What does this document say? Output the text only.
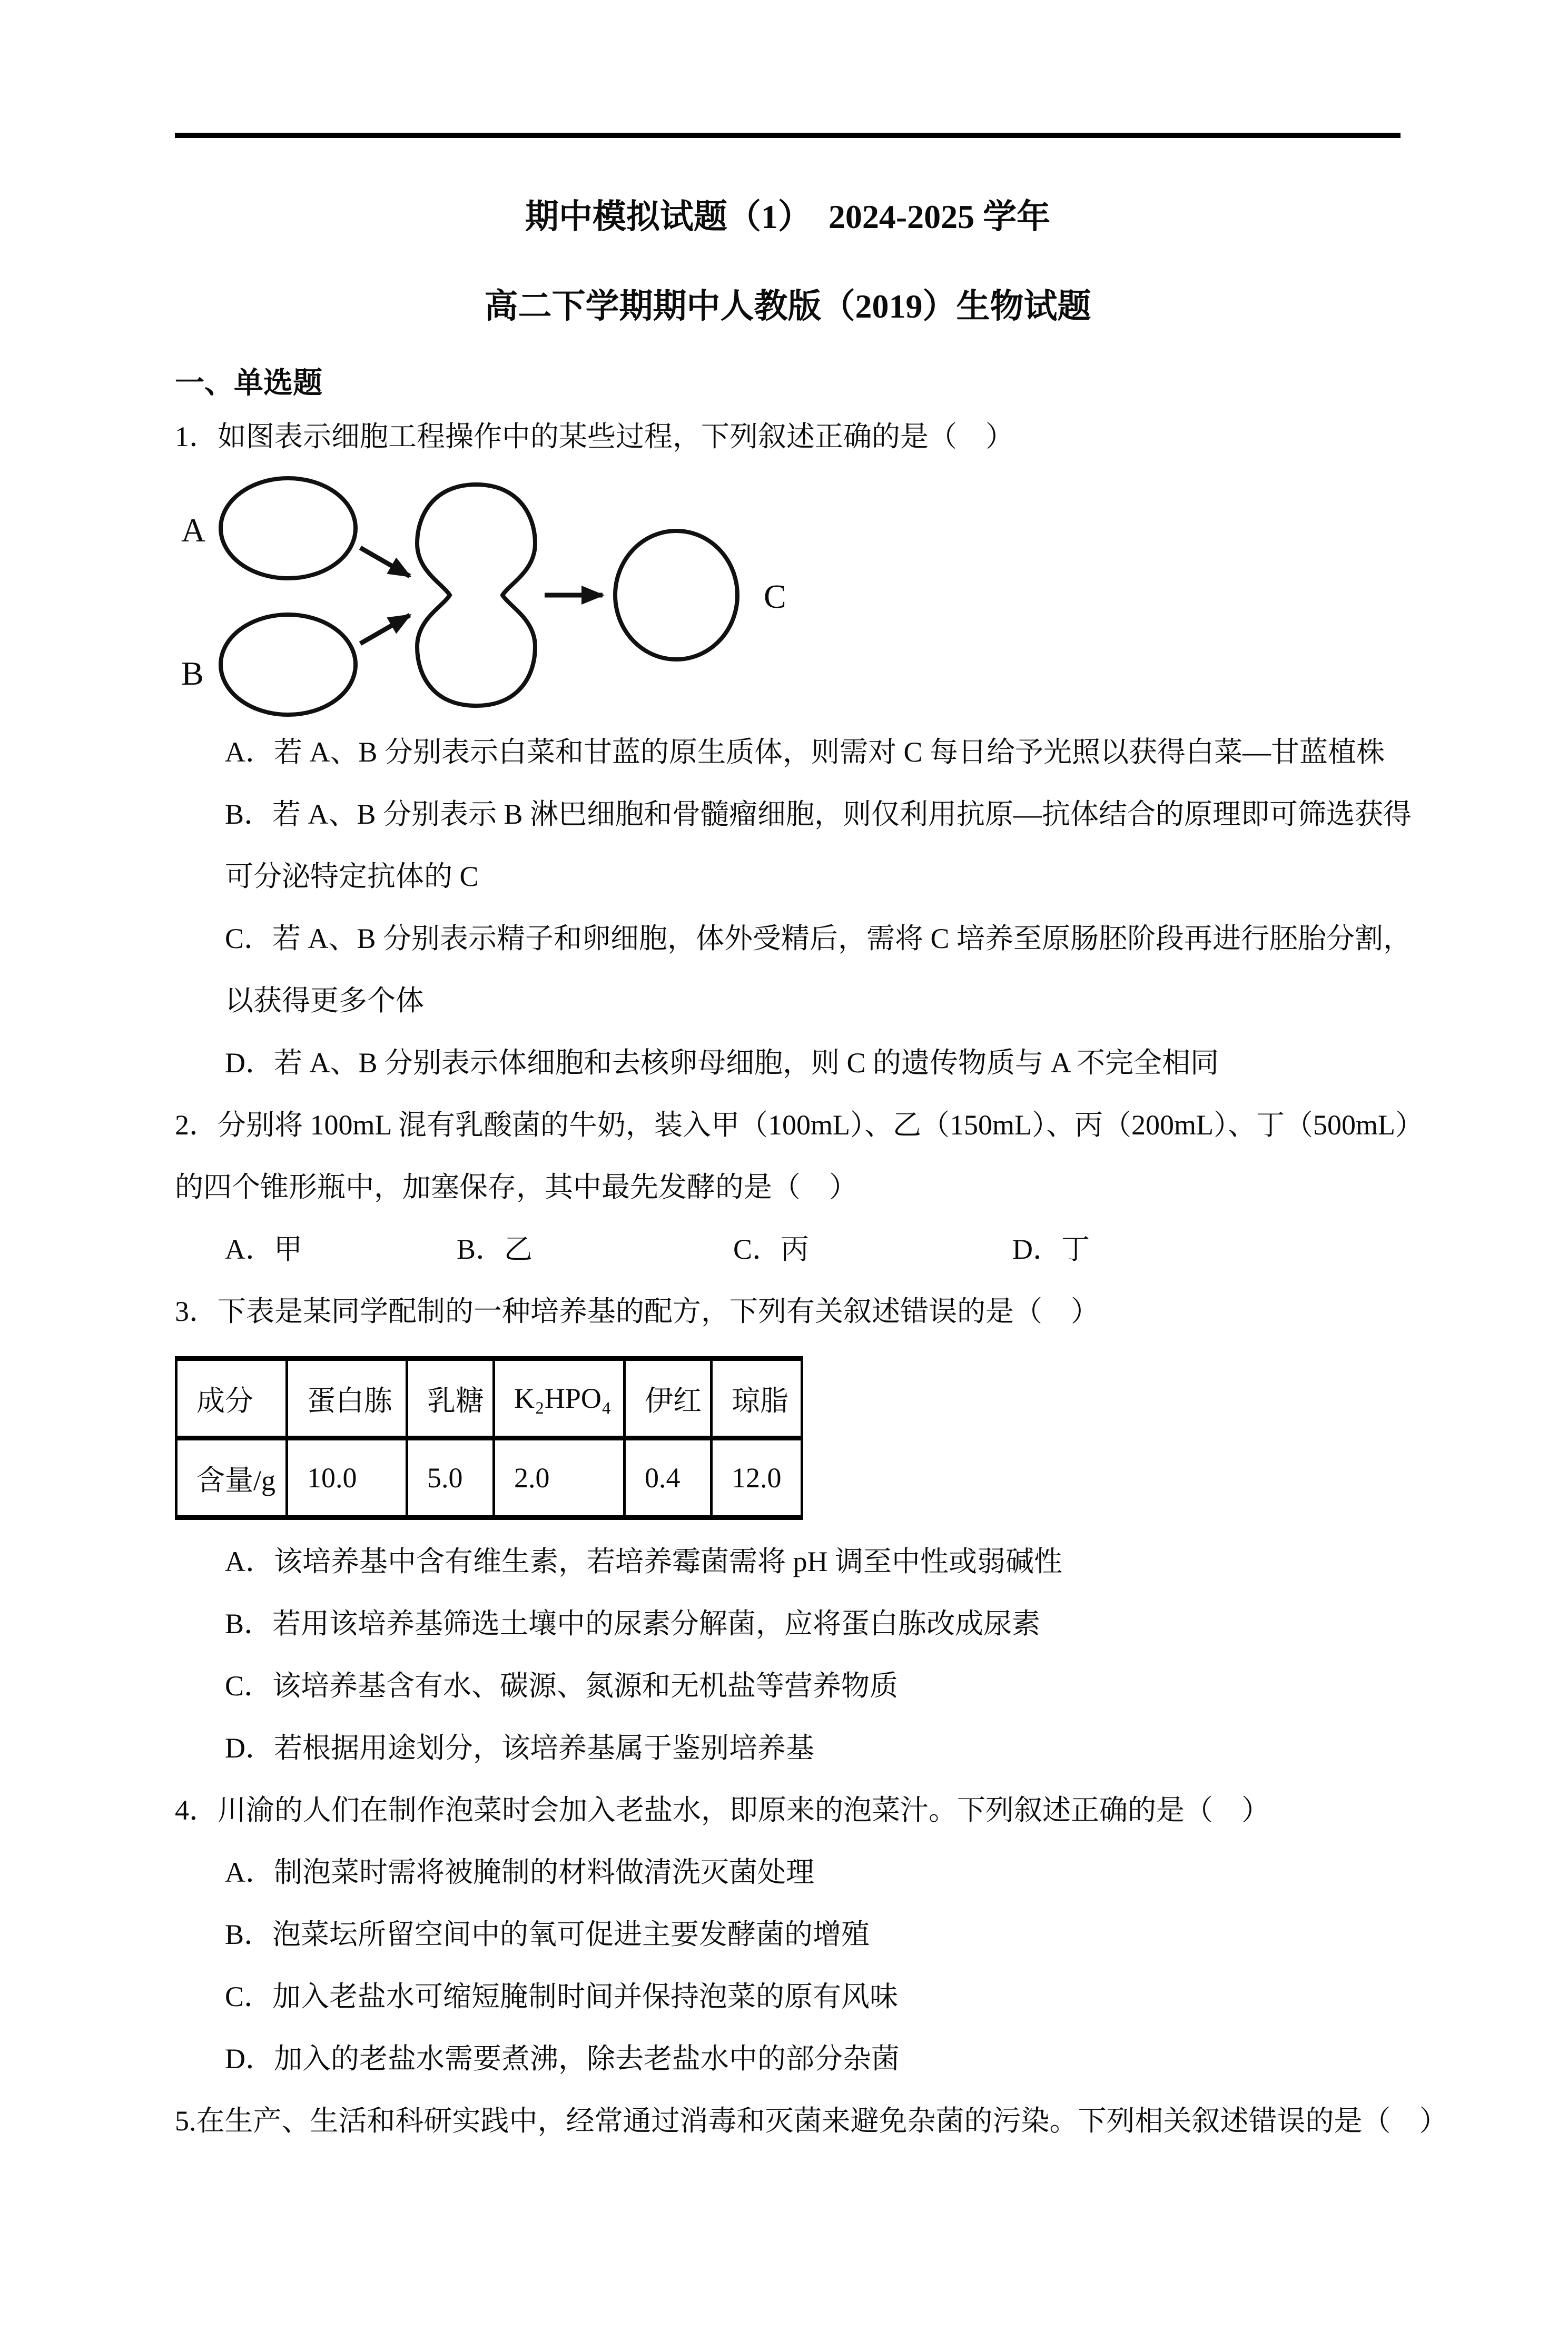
期中模拟试题（1）　2024-2025 学年
高二下学期期中人教版（2019）生物试题
一、单选题
1．如图表示细胞工程操作中的某些过程，下列叙述正确的是（　）
A
B
C
A．若 A、B 分别表示白菜和甘蓝的原生质体，则需对 C 每日给予光照以获得白菜—甘蓝植株
B．若 A、B 分别表示 B 淋巴细胞和骨髓瘤细胞，则仅利用抗原—抗体结合的原理即可筛选获得
可分泌特定抗体的 C
C．若 A、B 分别表示精子和卵细胞，体外受精后，需将 C 培养至原肠胚阶段再进行胚胎分割，
以获得更多个体
D．若 A、B 分别表示体细胞和去核卵母细胞，则 C 的遗传物质与 A 不完全相同
2．分别将 100mL 混有乳酸菌的牛奶，装入甲（100mL）、乙（150mL）、丙（200mL）、丁（500mL）
的四个锥形瓶中，加塞保存，其中最先发酵的是（　）
A．甲	B．乙	C．丙	D．丁
3．下表是某同学配制的一种培养基的配方，下列有关叙述错误的是（　）
成分	蛋白胨	乳糖	K₂HPO₄	伊红	琼脂
含量/g	10.0	5.0	2.0	0.4	12.0
A．该培养基中含有维生素，若培养霉菌需将 pH 调至中性或弱碱性
B．若用该培养基筛选土壤中的尿素分解菌，应将蛋白胨改成尿素
C．该培养基含有水、碳源、氮源和无机盐等营养物质
D．若根据用途划分，该培养基属于鉴别培养基
4．川渝的人们在制作泡菜时会加入老盐水，即原来的泡菜汁。下列叙述正确的是（　）
A．制泡菜时需将被腌制的材料做清洗灭菌处理
B．泡菜坛所留空间中的氧可促进主要发酵菌的增殖
C．加入老盐水可缩短腌制时间并保持泡菜的原有风味
D．加入的老盐水需要煮沸，除去老盐水中的部分杂菌
5.在生产、生活和科研实践中，经常通过消毒和灭菌来避免杂菌的污染。下列相关叙述错误的是（　）
